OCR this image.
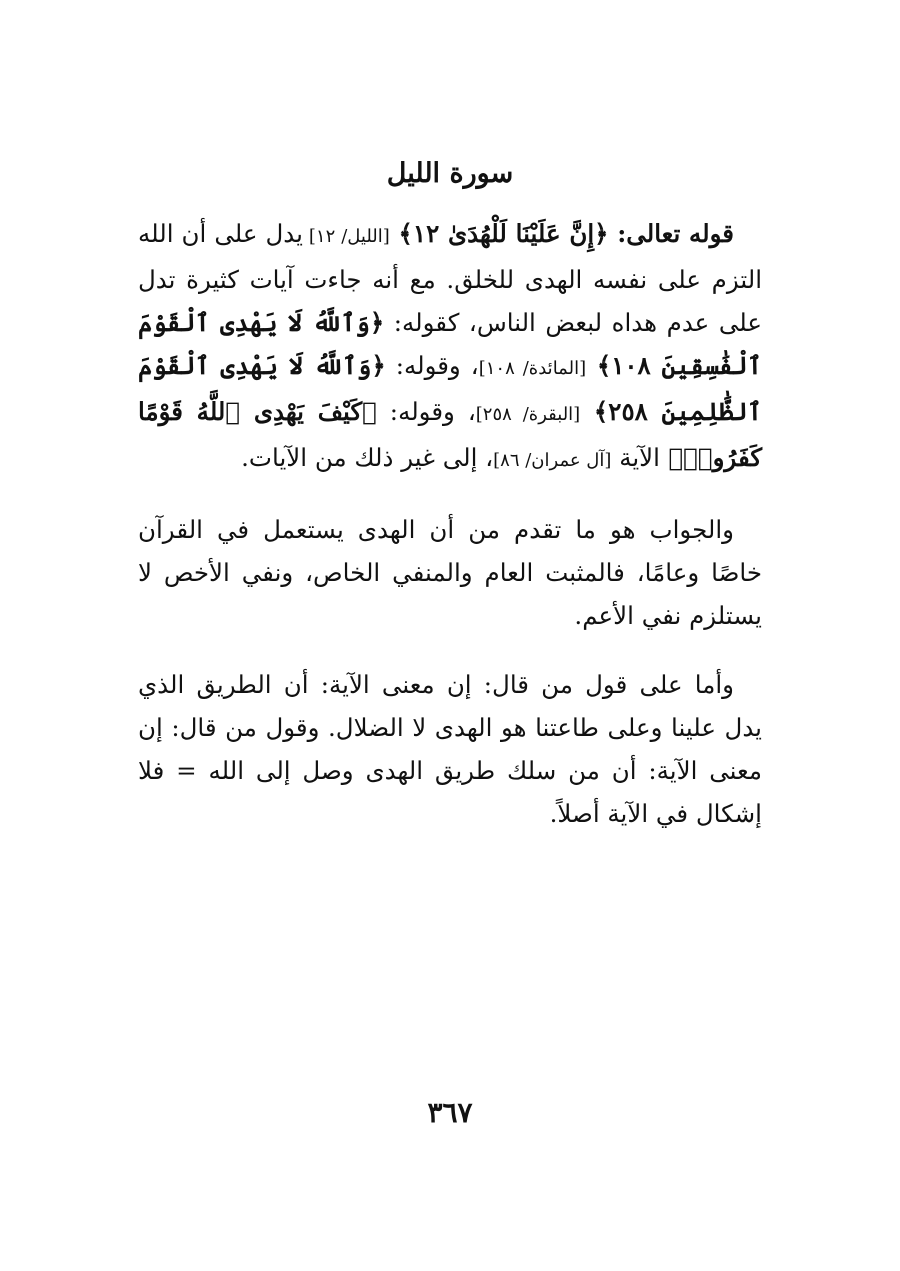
سورة الليل

قوله تعالى: ﴿إِنَّ عَلَيْنَا لَلْهُدَىٰ ١٢﴾ [الليل/ ١٢] يدل على أن الله التزم على نفسه الهدى للخلق. مع أنه جاءت آيات كثيرة تدل على عدم هداه لبعض الناس، كقوله: ﴿وَٱللَّهُ لَا يَهْدِى ٱلْقَوْمَ ٱلْفَٰسِقِينَ ١٠٨﴾ [المائدة/ ١٠٨]، وقوله: ﴿وَٱللَّهُ لَا يَهْدِى ٱلْقَوْمَ ٱلظَّٰلِمِينَ ٢٥٨﴾ [البقرة/ ٢٥٨]، وقوله: ﴿كَيْفَ يَهْدِى ٱللَّهُ قَوْمًا كَفَرُوا۟﴾ الآية [آل عمران/ ٨٦]، إلى غير ذلك من الآيات.

والجواب هو ما تقدم من أن الهدى يستعمل في القرآن خاصًا وعامًا، فالمثبت العام والمنفي الخاص، ونفي الأخص لا يستلزم نفي الأعم.

وأما على قول من قال: إن معنى الآية: أن الطريق الذي يدل علينا وعلى طاعتنا هو الهدى لا الضلال. وقول من قال: إن معنى الآية: أن من سلك طريق الهدى وصل إلى الله = فلا إشكال في الآية أصلاً.

٣٦٧
